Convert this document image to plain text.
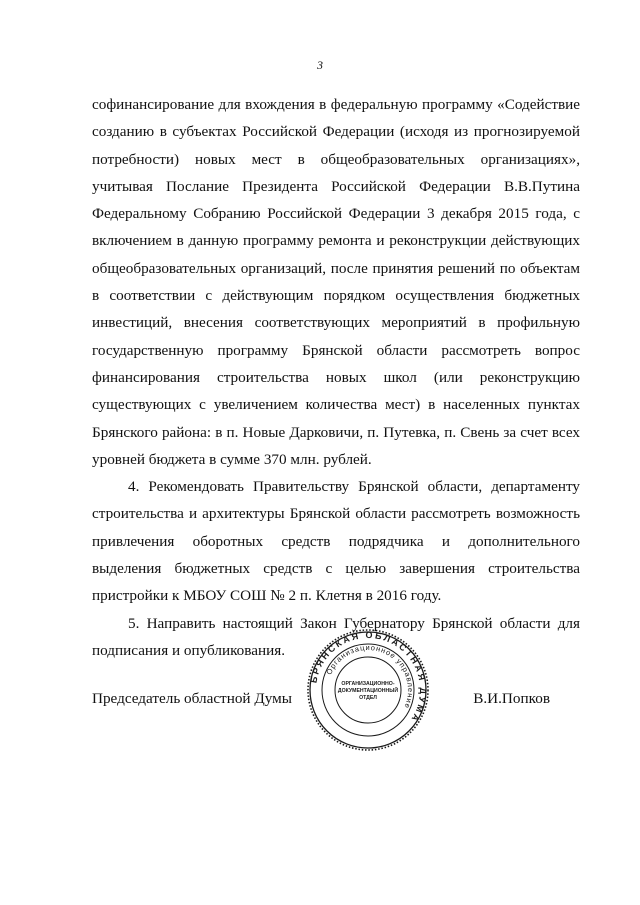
3

софинансирование для вхождения в федеральную программу «Содействие созданию в субъектах Российской Федерации (исходя из прогнозируемой потребности) новых мест в общеобразовательных организациях», учитывая Послание Президента Российской Федерации В.В.Путина Федеральному Собранию Российской Федерации 3 декабря 2015 года, с включением в данную программу ремонта и реконструкции действующих общеобразовательных организаций, после принятия решений по объектам в соответствии с действующим порядком осуществления бюджетных инвестиций, внесения соответствующих мероприятий в профильную государственную программу Брянской области рассмотреть вопрос финансирования строительства новых школ (или реконструкцию существующих с увеличением количества мест) в населенных пунктах Брянского района: в п. Новые Дарковичи, п. Путевка, п. Свень за счет всех уровней бюджета в сумме 370 млн. рублей.

4. Рекомендовать Правительству Брянской области, департаменту строительства и архитектуры Брянской области рассмотреть возможность привлечения оборотных средств подрядчика и дополнительного выделения бюджетных средств с целью завершения строительства пристройки к МБОУ СОШ № 2 п. Клетня в 2016 году.

5. Направить настоящий Закон Губернатору Брянской области для подписания и опубликования.

Председатель областной Думы	В.И.Попков
БРЯНСКАЯ ОБЛАСТНАЯ ДУМА
Организационное управление
ОРГАНИЗАЦИОННО-
ДОКУМЕНТАЦИОННЫЙ
ОТДЕЛ
